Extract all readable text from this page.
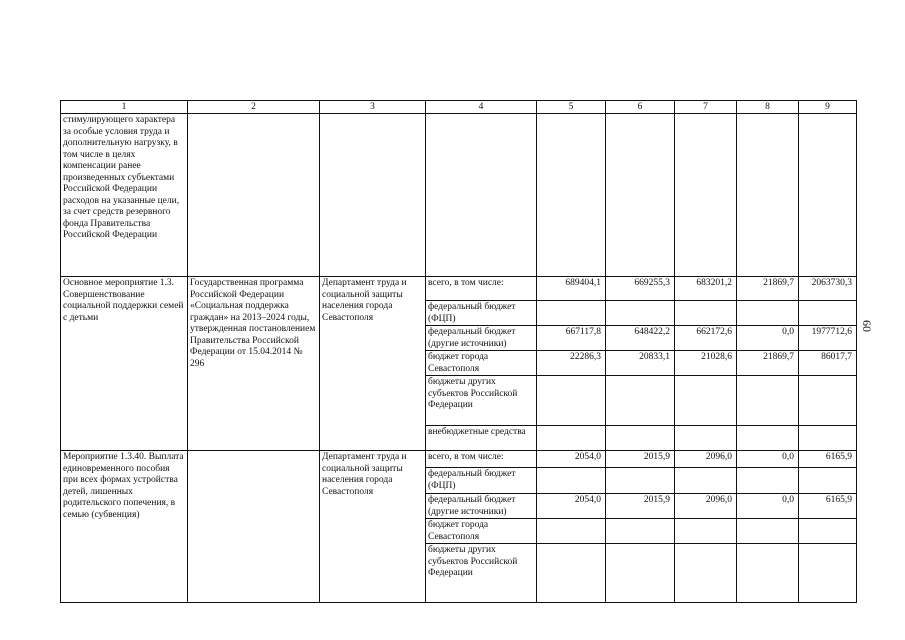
1	2	3	4	5	6	7	8	9
стимулирующего характера за особые условия труда и дополнительную нагрузку, в том числе в целях компенсации ранее произведенных субъектами Российской Федерации расходов на указанные цели, за счет средств резервного фонда Правительства Российской Федерации								
Основное мероприятие 1.3. Совершенствование социальной поддержки семей с детьми	Государственная программа Российской Федерации «Социальная поддержка граждан» на 2013–2024 годы, утвержденная постановлением Правительства Российской Федерации от 15.04.2014 № 296	Департамент труда и социальной защиты населения города Севастополя	всего, в том числе:	689404,1	669255,3	683201,2	21869,7	2063730,3
			федеральный бюджет (ФЦП)					
			федеральный бюджет (другие источники)	667117,8	648422,2	662172,6	0,0	1977712,6
			бюджет города Севастополя	22286,3	20833,1	21028,6	21869,7	86017,7
			бюджеты других субъектов Российской Федерации					
			внебюджетные средства					
Мероприятие 1.3.40. Выплата единовременного пособия при всех формах устройства детей, лишенных родительского попечения, в семью (субвенция)		Департамент труда и социальной защиты населения города Севастополя	всего, в том числе:	2054,0	2015,9	2096,0	0,0	6165,9
			федеральный бюджет (ФЦП)					
			федеральный бюджет (другие источники)	2054,0	2015,9	2096,0	0,0	6165,9
			бюджет города Севастополя					
			бюджеты других субъектов Российской Федерации					
60
